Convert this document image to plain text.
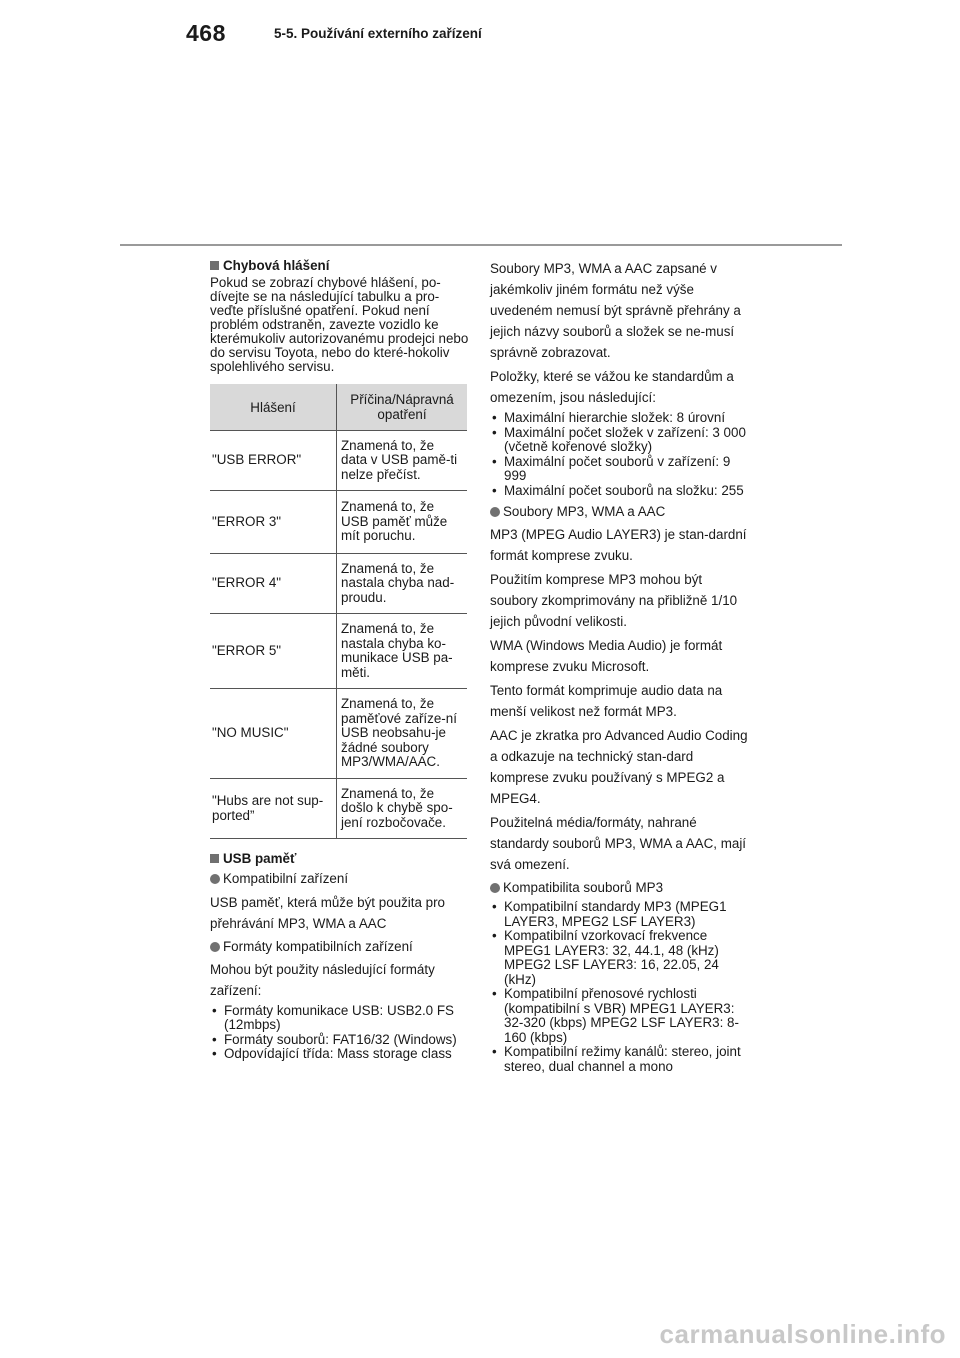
468	5-5. Používání externího zařízení
Chybová hlášení

Pokud se zobrazí chybové hlášení, po-dívejte se na následující tabulku a pro-veďte příslušné opatření. Pokud není problém odstraněn, zavezte vozidlo ke kterémukoliv autorizovanému prodejci nebo do servisu Toyota, nebo do které-hokoliv spolehlivého servisu.

Hlášení	Příčina/Nápravná opatření
"USB ERROR"	Znamená to, že data v USB pamě-ti nelze přečíst.
"ERROR 3"	Znamená to, že USB paměť může mít poruchu.
"ERROR 4"	Znamená to, že nastala chyba nad-proudu.
"ERROR 5"	Znamená to, že nastala chyba ko-munikace USB pa-měti.
"NO MUSIC"	Znamená to, že paměťové zaříze-ní USB neobsahu-je žádné soubory MP3/WMA/AAC.
"Hubs are not sup-ported”	Znamená to, že došlo k chybě spo-jení rozbočovače.
USB paměť
Kompatibilní zařízení

USB paměť, která může být použita pro přehrávání MP3, WMA a AAC

Formáty kompatibilních zařízení

Mohou být použity následující formáty zařízení:

• Formáty komunikace USB: USB2.0 FS (12mbps)
• Formáty souborů: FAT16/32 (Windows)
• Odpovídající třída: Mass storage class

Soubory MP3, WMA a AAC zapsané v jakémkoliv jiném formátu než výše uvedeném nemusí být správně přehrány a jejich názvy souborů a složek se ne-musí správně zobrazovat.

Položky, které se vážou ke standardům a omezením, jsou následující:

• Maximální hierarchie složek: 8 úrovní
• Maximální počet složek v zařízení: 3 000 (včetně kořenové složky)
• Maximální počet souborů v zařízení: 9 999
• Maximální počet souborů na složku: 255
Soubory MP3, WMA a AAC

MP3 (MPEG Audio LAYER3) je stan-dardní formát komprese zvuku.

Použitím komprese MP3 mohou být soubory zkomprimovány na přibližně 1/10 jejich původní velikosti.

WMA (Windows Media Audio) je formát komprese zvuku Microsoft.

Tento formát komprimuje audio data na menší velikost než formát MP3.

AAC je zkratka pro Advanced Audio Coding a odkazuje na technický stan-dard komprese zvuku používaný s MPEG2 a MPEG4.

Použitelná média/formáty, nahrané standardy souborů MP3, WMA a AAC, mají svá omezení.

Kompatibilita souborů MP3
• Kompatibilní standardy MP3 (MPEG1 LAYER3, MPEG2 LSF LAYER3)
• Kompatibilní vzorkovací frekvence MPEG1 LAYER3: 32, 44.1, 48 (kHz) MPEG2 LSF LAYER3: 16, 22.05, 24 (kHz)
• Kompatibilní přenosové rychlosti (kompatibilní s VBR) MPEG1 LAYER3: 32-320 (kbps) MPEG2 LSF LAYER3: 8-160 (kbps)
• Kompatibilní režimy kanálů: stereo, joint stereo, dual channel a mono
carmanualsonline.info
